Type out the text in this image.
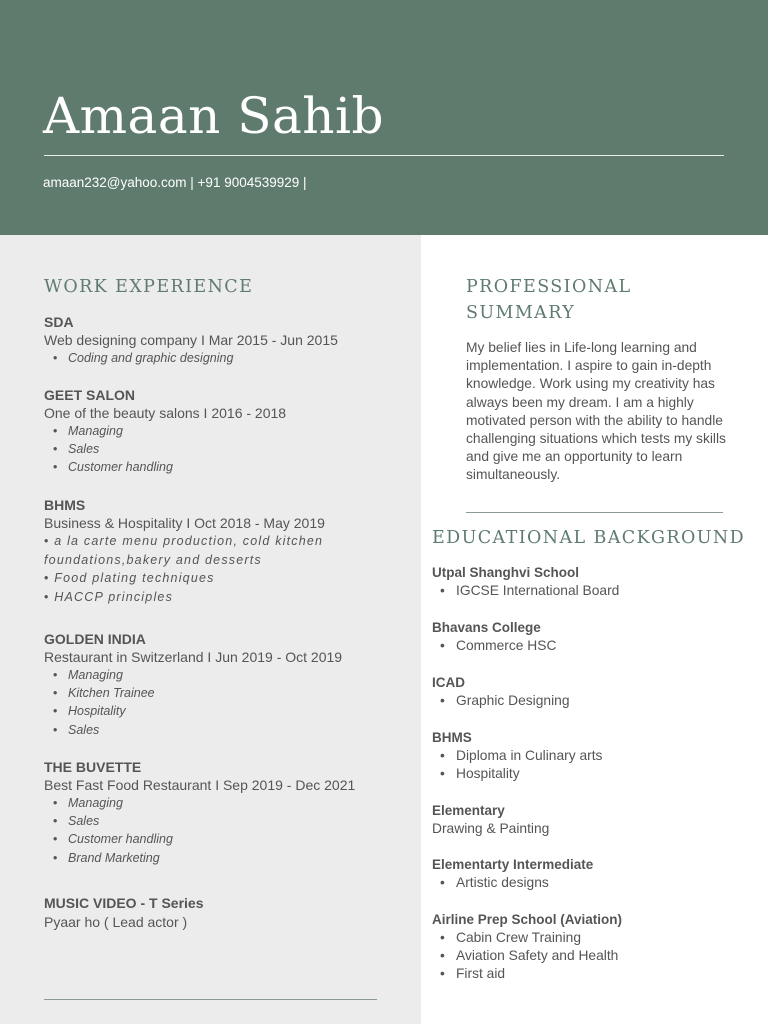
Amaan Sahib
amaan232@yahoo.com | +91 9004539929 |
WORK EXPERIENCE
SDA
Web designing company I Mar 2015 - Jun 2015
• Coding and graphic designing
GEET SALON
One of the beauty salons I 2016 - 2018
• Managing
• Sales
• Customer handling
BHMS
Business & Hospitality I Oct 2018 - May 2019
• a la carte menu production, cold kitchen
foundations,bakery and desserts
• Food plating techniques
• HACCP principles
GOLDEN INDIA
Restaurant in Switzerland I Jun 2019 - Oct 2019
• Managing
• Kitchen Trainee
• Hospitality
• Sales
THE BUVETTE
Best Fast Food Restaurant I Sep 2019 - Dec 2021
• Managing
• Sales
• Customer handling
• Brand Marketing
MUSIC VIDEO - T Series
Pyaar ho ( Lead actor )
PROFESSIONAL
SUMMARY

My belief lies in Life-long learning and implementation. I aspire to gain in-depth knowledge. Work using my creativity has always been my dream. I am a highly motivated person with the ability to handle challenging situations which tests my skills and give me an opportunity to learn simultaneously.

EDUCATIONAL BACKGROUND
Utpal Shanghvi School
• IGCSE International Board
Bhavans College
• Commerce HSC
ICAD
• Graphic Designing
BHMS
• Diploma in Culinary arts
• Hospitality
Elementary
Drawing & Painting
Elementarty Intermediate
• Artistic designs
Airline Prep School (Aviation)
• Cabin Crew Training
• Aviation Safety and Health
• First aid
